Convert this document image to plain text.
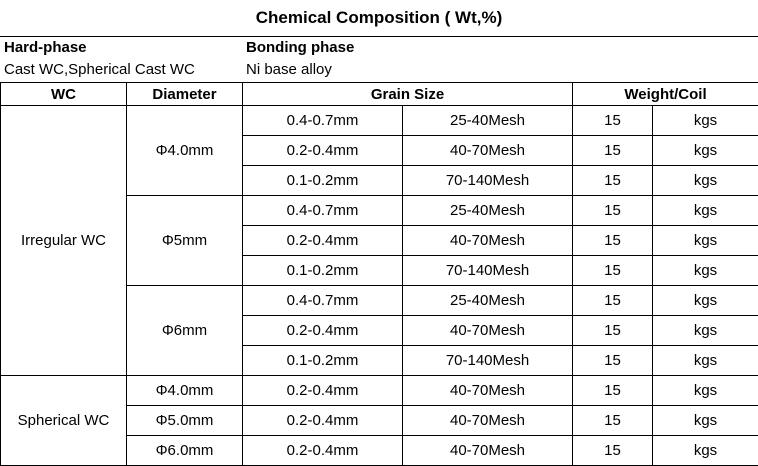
Chemical Composition ( Wt,%)
Hard-phase
Cast WC,Spherical Cast WC
Bonding phase
Ni base alloy
WC	Diameter	Grain Size		Weight/Coil	
Irregular WC	Φ4.0mm	0.4-0.7mm	25-40Mesh	15	kgs
		0.2-0.4mm	40-70Mesh	15	kgs
		0.1-0.2mm	70-140Mesh	15	kgs
	Φ5mm	0.4-0.7mm	25-40Mesh	15	kgs
		0.2-0.4mm	40-70Mesh	15	kgs
		0.1-0.2mm	70-140Mesh	15	kgs
	Φ6mm	0.4-0.7mm	25-40Mesh	15	kgs
		0.2-0.4mm	40-70Mesh	15	kgs
		0.1-0.2mm	70-140Mesh	15	kgs
Spherical WC	Φ4.0mm	0.2-0.4mm	40-70Mesh	15	kgs
	Φ5.0mm	0.2-0.4mm	40-70Mesh	15	kgs
	Φ6.0mm	0.2-0.4mm	40-70Mesh	15	kgs
